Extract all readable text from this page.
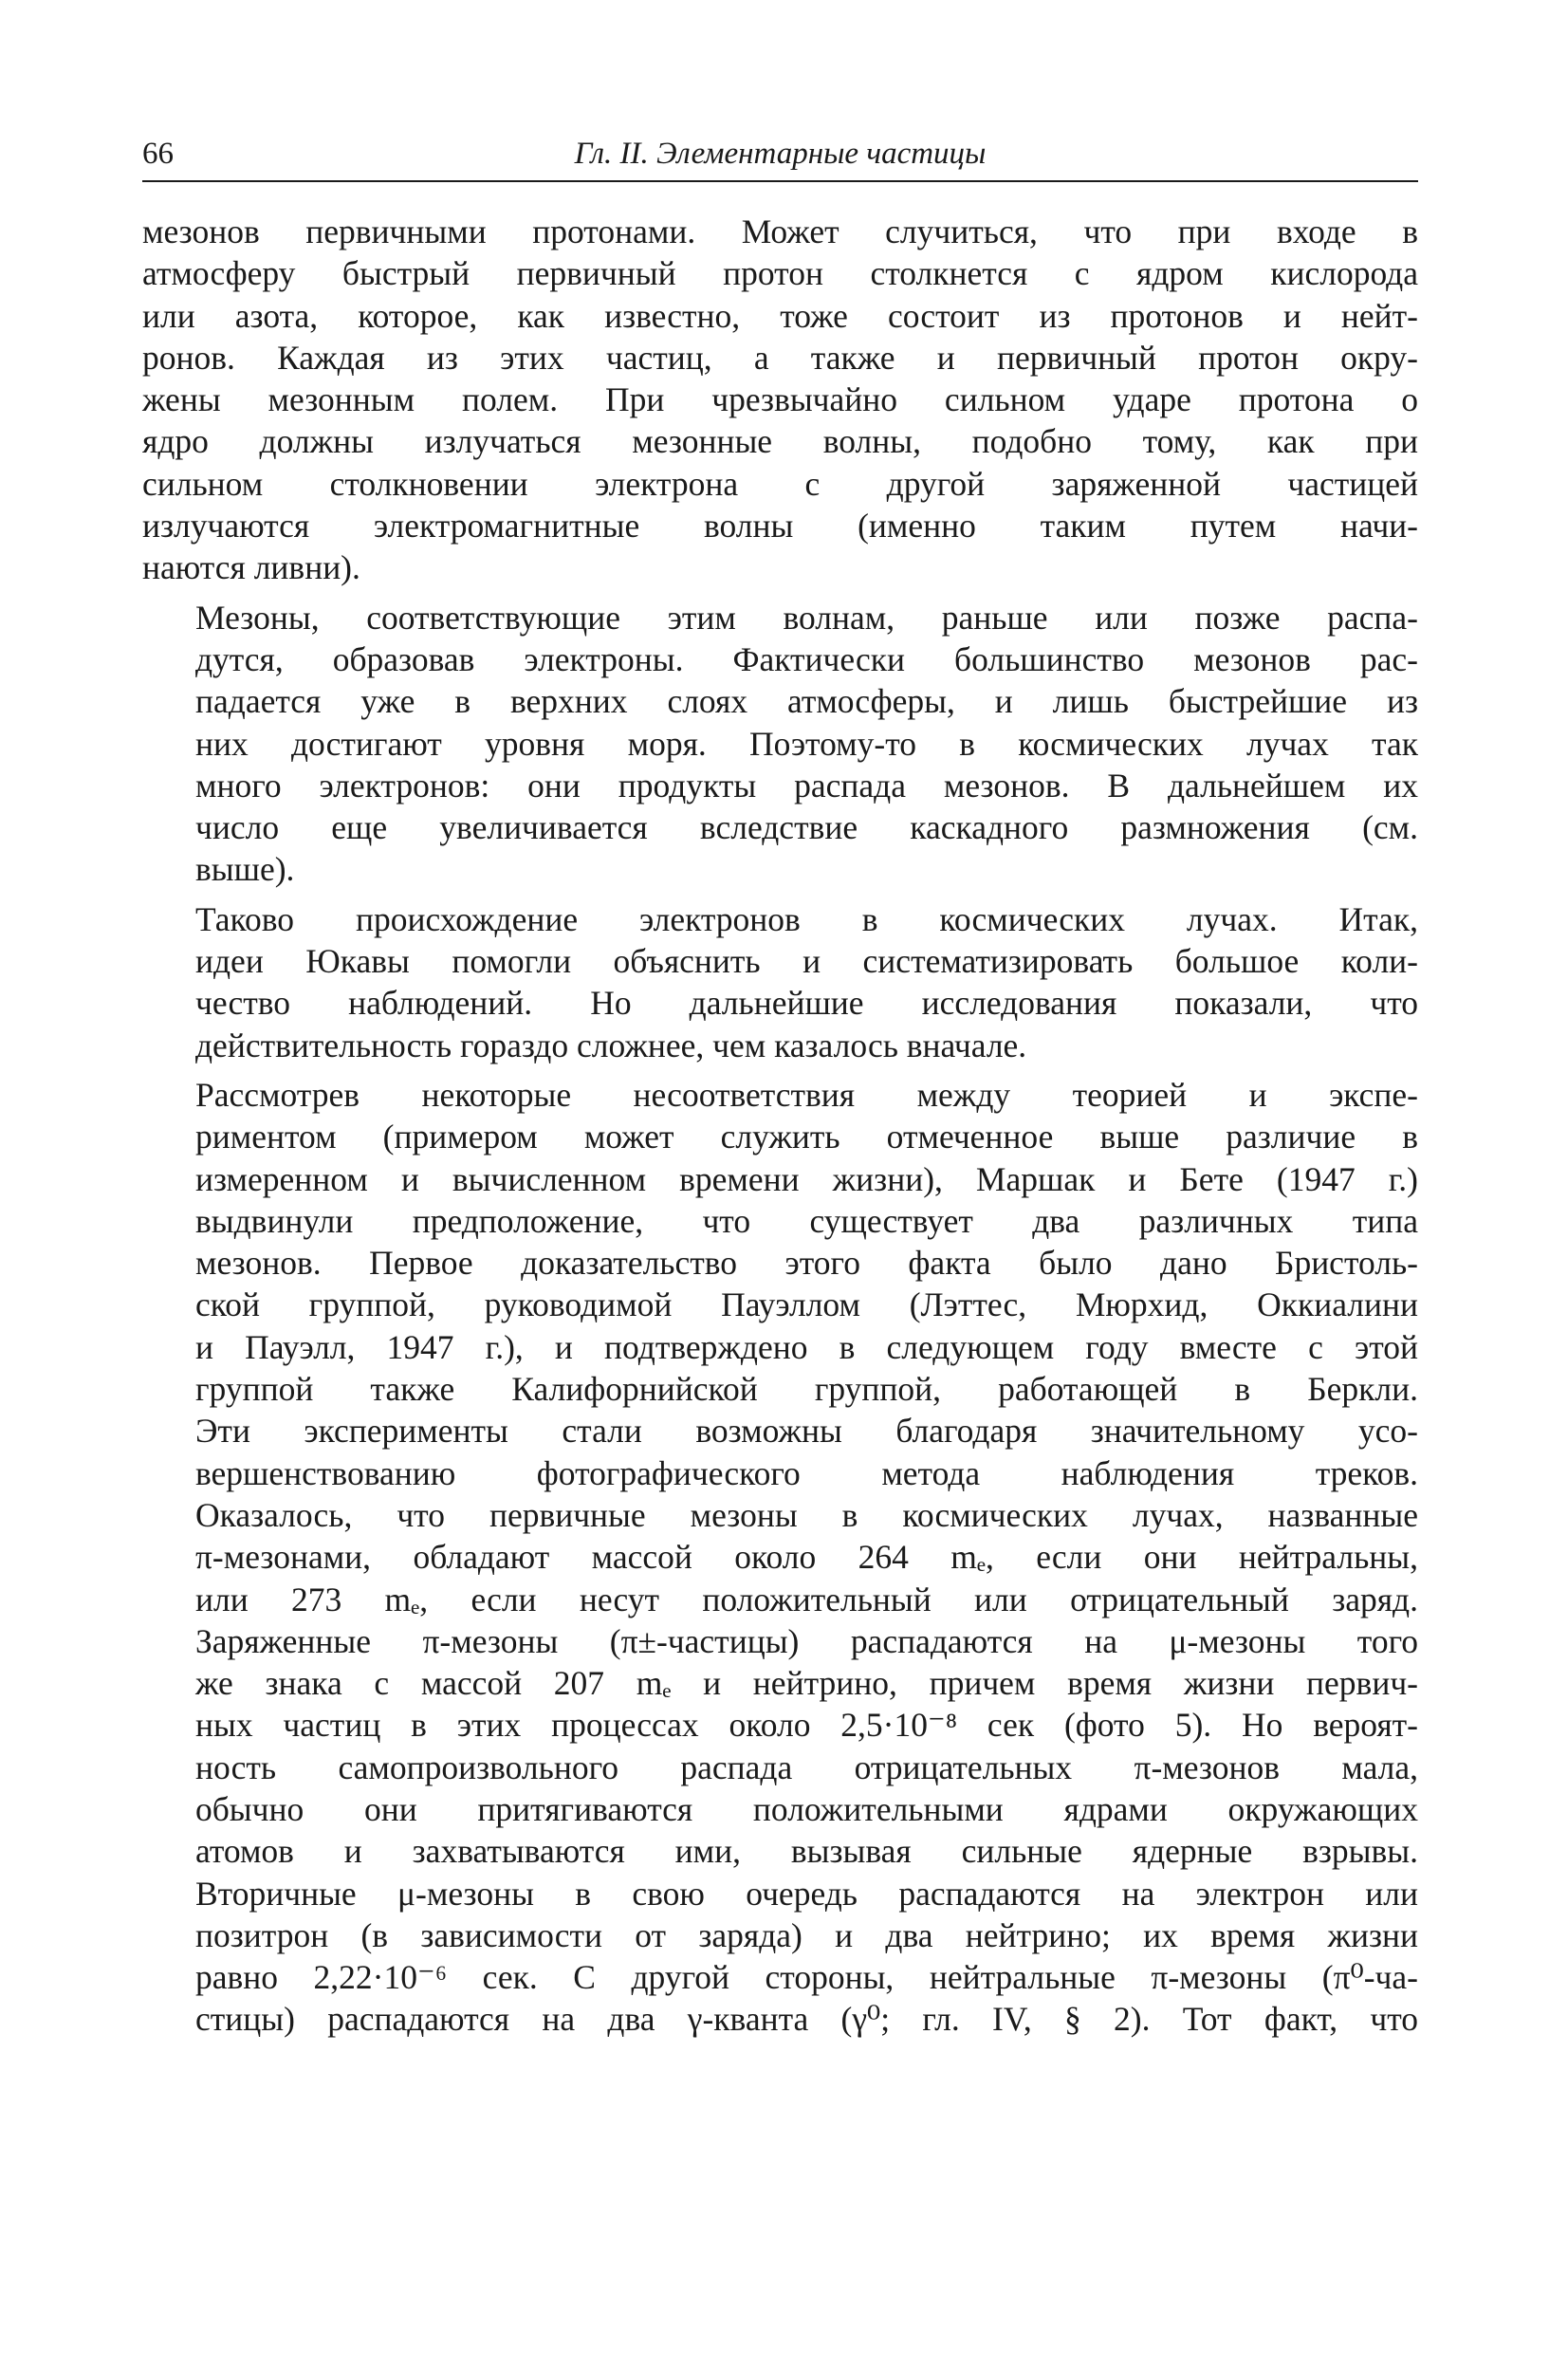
66	Гл. II. Элементарные частицы

мезонов первичными протонами. Может случиться, что при входе в
атмосферу быстрый первичный протон столкнется с ядром кислорода
или азота, которое, как известно, тоже состоит из протонов и нейт-
ронов. Каждая из этих частиц, а также и первичный протон окру-
жены мезонным полем. При чрезвычайно сильном ударе протона о
ядро должны излучаться мезонные волны, подобно тому, как при
сильном столкновении электрона с другой заряженной частицей
излучаются электромагнитные волны (именно таким путем начи-
наются ливни).

Мезоны, соответствующие этим волнам, раньше или позже распа-
дутся, образовав электроны. Фактически большинство мезонов рас-
падается уже в верхних слоях атмосферы, и лишь быстрейшие из
них достигают уровня моря. Поэтому-то в космических лучах так
много электронов: они продукты распада мезонов. В дальнейшем их
число еще увеличивается вследствие каскадного размножения (см.
выше).

Таково происхождение электронов в космических лучах. Итак,
идеи Юкавы помогли объяснить и систематизировать большое коли-
чество наблюдений. Но дальнейшие исследования показали, что
действительность гораздо сложнее, чем казалось вначале.

Рассмотрев некоторые несоответствия между теорией и экспе-
риментом (примером может служить отмеченное выше различие в
измеренном и вычисленном времени жизни), Маршак и Бете (1947 г.)
выдвинули предположение, что существует два различных типа
мезонов. Первое доказательство этого факта было дано Бристоль-
ской группой, руководимой Пауэллом (Лэттес, Мюрхид, Оккиалини
и Пауэлл, 1947 г.), и подтверждено в следующем году вместе с этой
группой также Калифорнийской группой, работающей в Беркли.
Эти эксперименты стали возможны благодаря значительному усо-
вершенствованию фотографического метода наблюдения треков.
Оказалось, что первичные мезоны в космических лучах, названные
π-мезонами, обладают массой около 264 mₑ, если они нейтральны,
или 273 mₑ, если несут положительный или отрицательный заряд.
Заряженные π-мезоны (π±-частицы) распадаются на μ-мезоны того
же знака с массой 207 mₑ и нейтрино, причем время жизни первич-
ных частиц в этих процессах около 2,5·10⁻⁸ сек (фото 5). Но вероят-
ность самопроизвольного распада отрицательных π-мезонов мала,
обычно они притягиваются положительными ядрами окружающих
атомов и захватываются ими, вызывая сильные ядерные взрывы.
Вторичные μ-мезоны в свою очередь распадаются на электрон или
позитрон (в зависимости от заряда) и два нейтрино; их время жизни
равно 2,22·10⁻⁶ сек. С другой стороны, нейтральные π-мезоны (π⁰-ча-
стицы) распадаются на два γ-кванта (γ⁰; гл. IV, § 2). Тот факт, что
